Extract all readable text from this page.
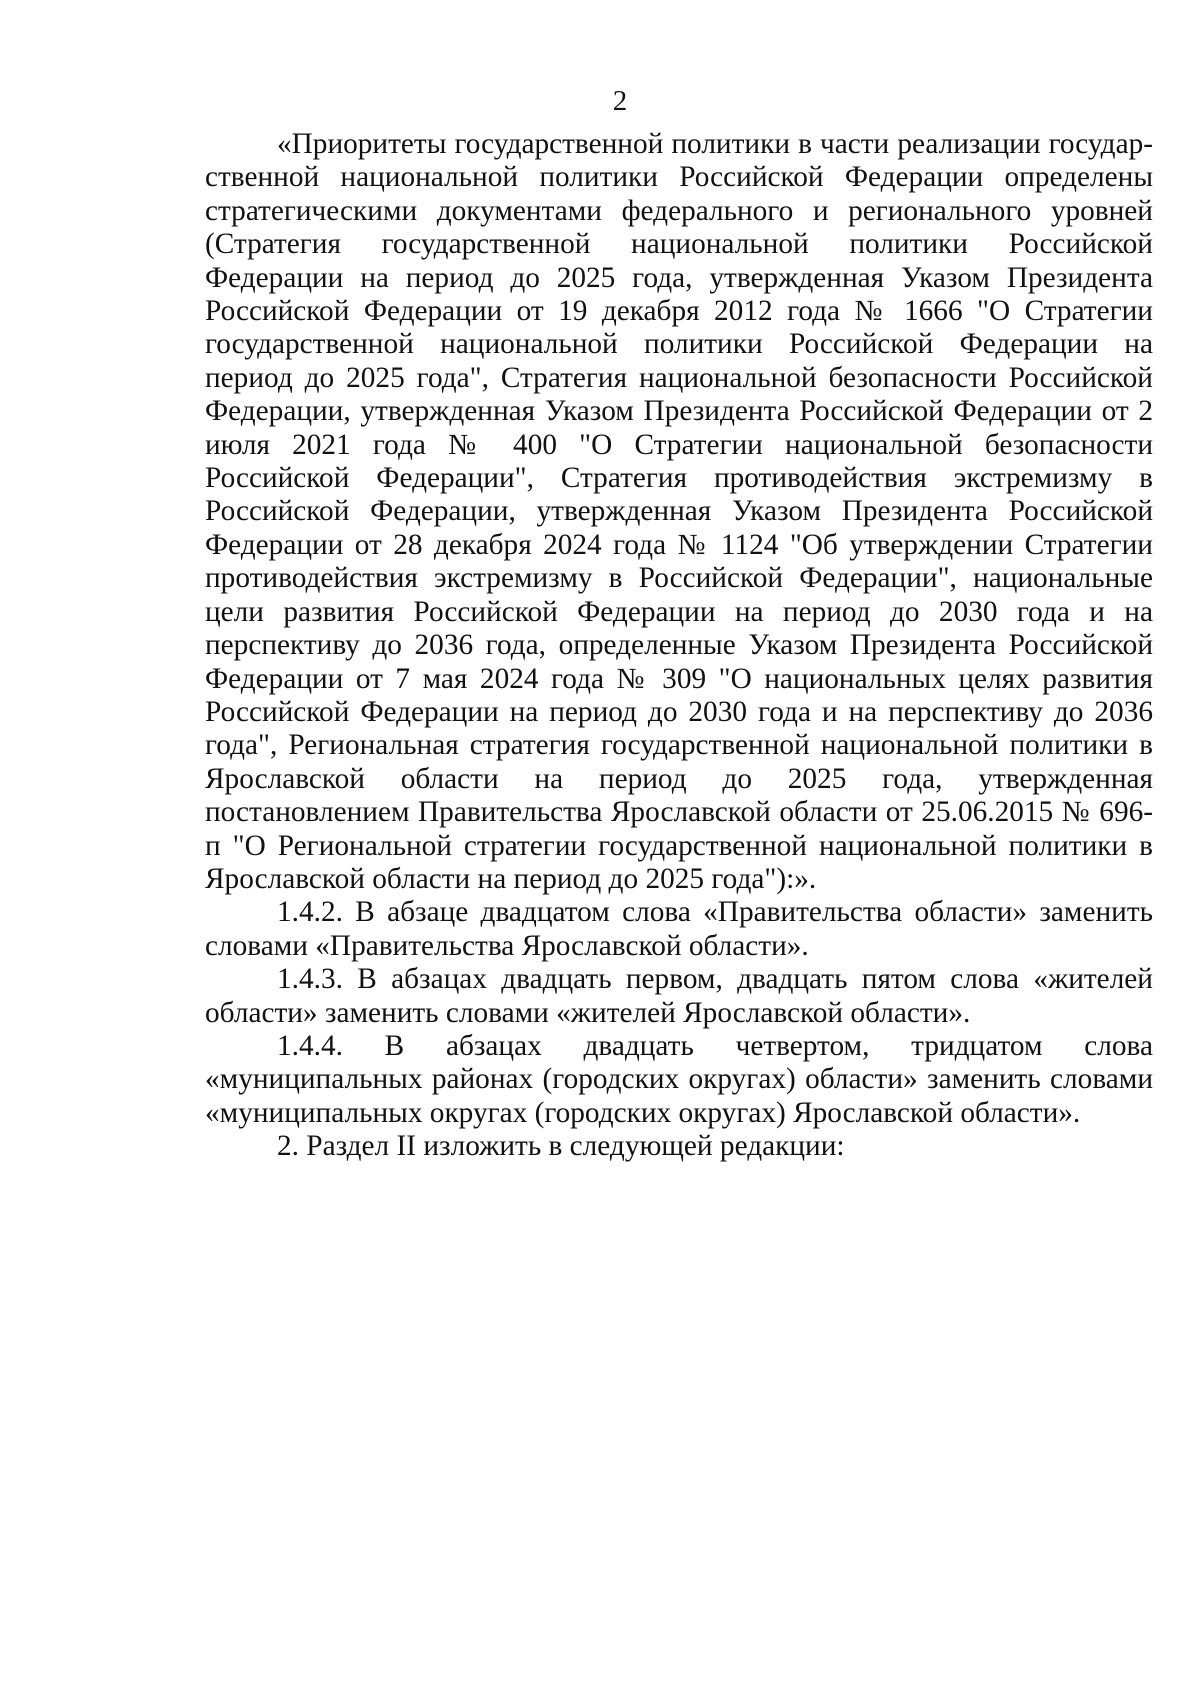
2

«Приоритеты государственной политики в части реализации государственной национальной политики Российской Федерации определены стратегическими документами федерального и регионального уровней (Стратегия государственной национальной политики Российской Федерации на период до 2025 года, утвержденная Указом Президента Российской Федерации от 19 декабря 2012 года № 1666 "О Стратегии государственной национальной политики Российской Федерации на период до 2025 года", Стратегия национальной безопасности Российской Федерации, утвержденная Указом Президента Российской Федерации от 2 июля 2021 года № 400 "О Стратегии национальной безопасности Российской Федерации", Стратегия противодействия экстремизму в Российской Федерации, утвержденная Указом Президента Российской Федерации от 28 декабря 2024 года № 1124 "Об утверждении Стратегии противодействия экстремизму в Российской Федерации", национальные цели развития Российской Федерации на период до 2030 года и на перспективу до 2036 года, определенные Указом Президента Российской Федерации от 7 мая 2024 года № 309 "О национальных целях развития Российской Федерации на период до 2030 года и на перспективу до 2036 года", Региональная стратегия государственной национальной политики в Ярославской области на период до 2025 года, утвержденная постановлением Правительства Ярославской области от 25.06.2015 № 696-п "О Региональной стратегии государственной национальной политики в Ярославской области на период до 2025 года"):».

1.4.2. В абзаце двадцатом слова «Правительства области» заменить словами «Правительства Ярославской области».

1.4.3. В абзацах двадцать первом, двадцать пятом слова «жителей области» заменить словами «жителей Ярославской области».

1.4.4. В абзацах двадцать четвертом, тридцатом слова «муниципальных районах (городских округах) области» заменить словами «муниципальных округах (городских округах) Ярославской области».

2. Раздел II изложить в следующей редакции:
